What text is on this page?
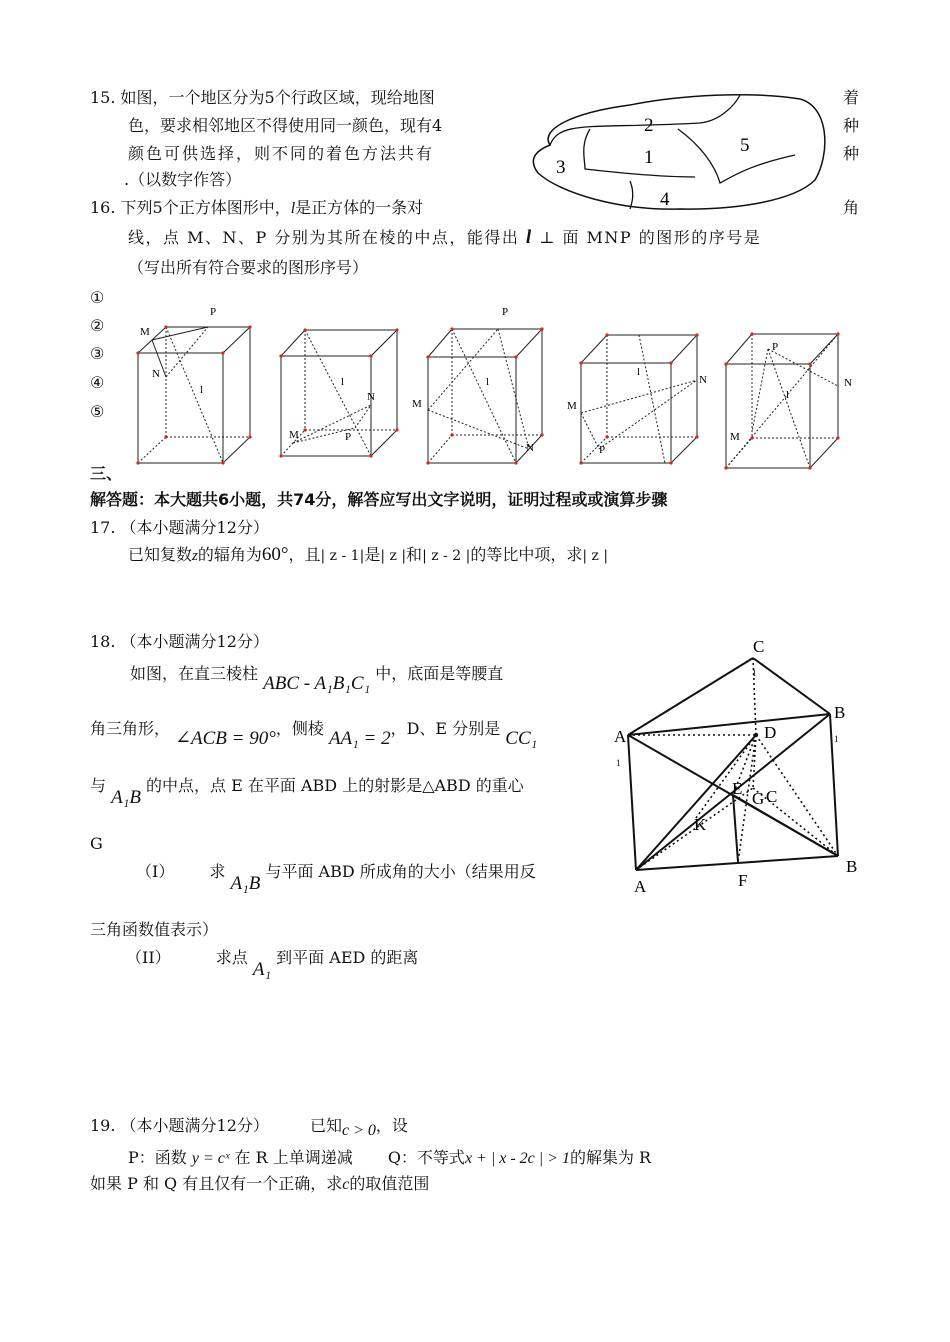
15. 如图，一个地区分为5个行政区域，现给地图	着
色，要求相邻地区不得使用同一颜色，现有4	种
颜色可供选择，则不同的着色方法共有	种
.（以数字作答）
2
1
5
3
4
16. 下列5个正方体图形中，l是正方体的一条对	角
线，点 M、N、P 分别为其所在棱的中点，能得出 l ⊥ 面 MNP 的图形的序号是
（写出所有符合要求的图形序号）
①
②
③
④
⑤
M
P
N
l
M
N
P
l
M
P
N
l
M
N
P
l
M
P
N
l
三、
解答题：本大题共6小题，共74分，解答应写出文字说明，证明过程或或演算步骤
17. （本小题满分12分）
已知复数z的辐角为60°，且| z - 1|是| z |和| z - 2 |的等比中项，求| z |
18. （本小题满分12分）
如图，在直三棱柱 ABC - A₁B₁C₁ 中，底面是等腰直
角三角形， ∠ACB = 90°，侧棱 AA₁ = 2，D、E 分别是 CC₁
与 A₁B 的中点，点 E 在平面 ABD 上的射影是△ABD 的重心
G
（I） 求 A₁B 与平面 ABD 所成角的大小（结果用反
三角函数值表示）
（II）	求点 A₁ 到平面 AED 的距离
C
1
B
1
A
1
D
E
G C
K
A	F
B
19. （本小题满分12分）	已知c > 0，设
P：函数 y = cˣ 在 R 上单调递减 Q：不等式x + | x - 2c | > 1的解集为 R
如果 P 和 Q 有且仅有一个正确，求c的取值范围
